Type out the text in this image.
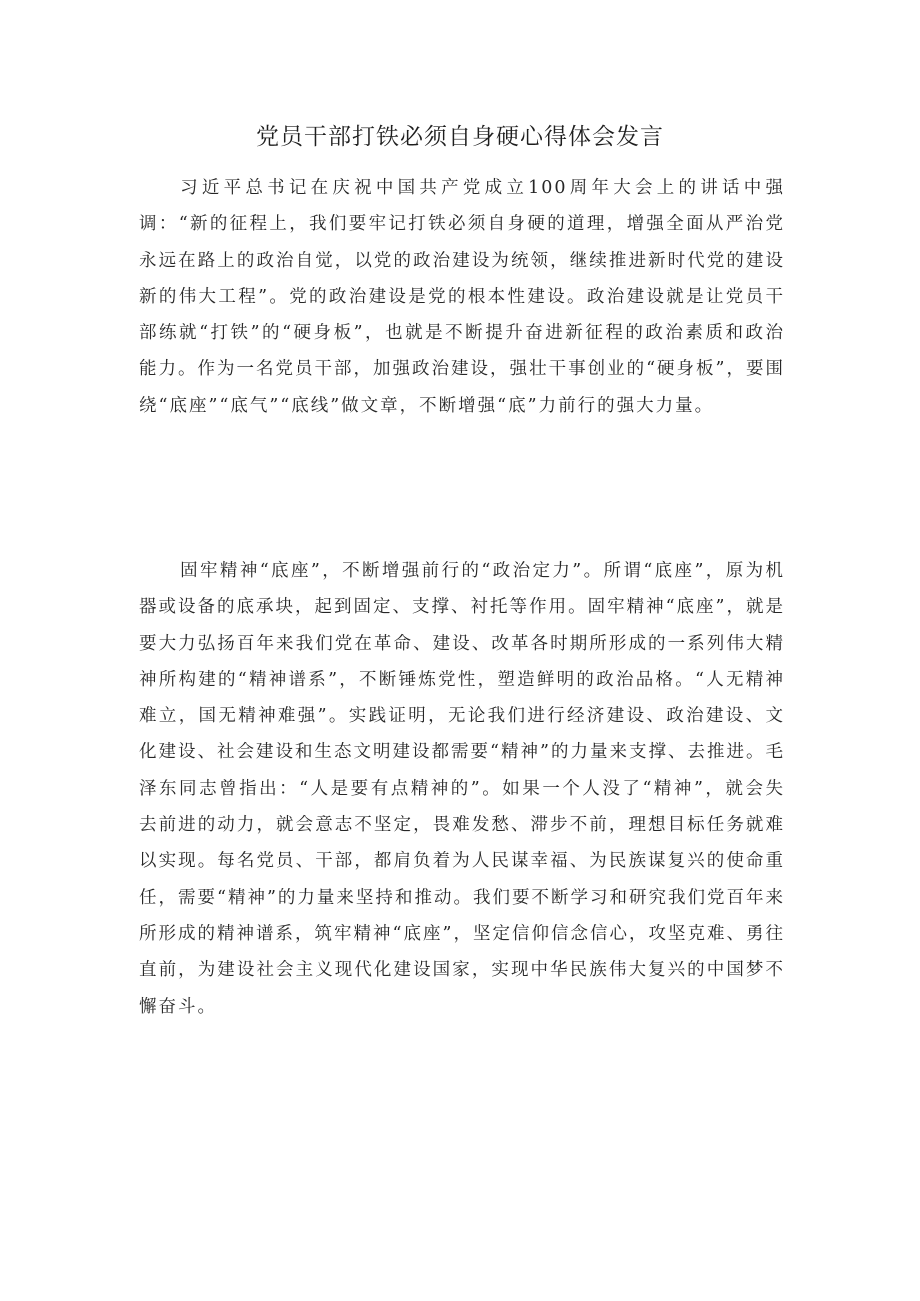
党员干部打铁必须自身硬心得体会发言

习近平总书记在庆祝中国共产党成立100周年大会上的讲话中强调：“新的征程上，我们要牢记打铁必须自身硬的道理，增强全面从严治党永远在路上的政治自觉，以党的政治建设为统领，继续推进新时代党的建设新的伟大工程”。党的政治建设是党的根本性建设。政治建设就是让党员干部练就“打铁”的“硬身板”，也就是不断提升奋进新征程的政治素质和政治能力。作为一名党员干部，加强政治建设，强壮干事创业的“硬身板”，要围绕“底座”“底气”“底线”做文章，不断增强“底”力前行的强大力量。

固牢精神“底座”，不断增强前行的“政治定力”。所谓“底座”，原为机器或设备的底承块，起到固定、支撑、衬托等作用。固牢精神“底座”，就是要大力弘扬百年来我们党在革命、建设、改革各时期所形成的一系列伟大精神所构建的“精神谱系”，不断锤炼党性，塑造鲜明的政治品格。“人无精神难立，国无精神难强”。实践证明，无论我们进行经济建设、政治建设、文化建设、社会建设和生态文明建设都需要“精神”的力量来支撑、去推进。毛泽东同志曾指出：“人是要有点精神的”。如果一个人没了“精神”，就会失去前进的动力，就会意志不坚定，畏难发愁、滞步不前，理想目标任务就难以实现。每名党员、干部，都肩负着为人民谋幸福、为民族谋复兴的使命重任，需要“精神”的力量来坚持和推动。我们要不断学习和研究我们党百年来所形成的精神谱系，筑牢精神“底座”，坚定信仰信念信心，攻坚克难、勇往直前，为建设社会主义现代化建设国家，实现中华民族伟大复兴的中国梦不懈奋斗。
